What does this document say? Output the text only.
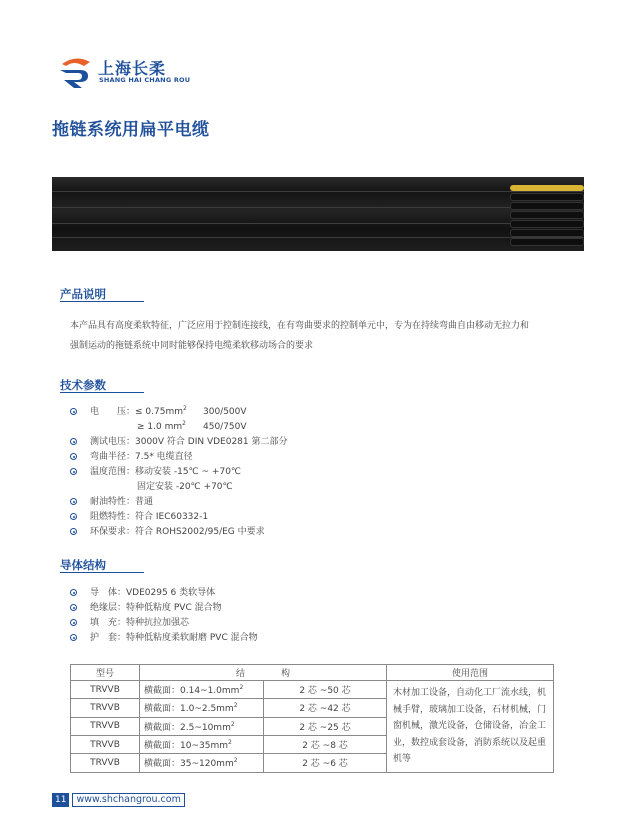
上海长柔
SHANG HAI CHANG ROU
拖链系统用扁平电缆
产品说明
本产品具有高度柔软特征，广泛应用于控制连接线，在有弯曲要求的控制单元中，专为在持续弯曲自由移动无拉力和
强制运动的拖链系统中同时能够保持电缆柔软移动场合的要求
技术参数
电　　压：≤ $0.75mm^2$ 300/500V
≥ 1.0 $mm^2$ 450/750V
测试电压：3000V 符合 DIN VDE0281 第二部分
弯曲半径：7.5* 电缆直径
温度范围：移动安装 -15℃ ~ +70℃
固定安装 -20℃ +70℃
耐油特性：普通
阻燃特性：符合 IEC60332-1
环保要求：符合 ROHS2002/95/EG 中要求
导体结构
导　体：VDE0295 6 类软导体
绝缘层：特种低粘度 PVC 混合物
填　充：特种抗拉加强芯
护　套：特种低粘度柔软耐磨 PVC 混合物
型号	结　　　　构		使用范围
TRVVB	横截面：$0.14\sim 1.0mm^2$	2 芯 ~50 芯	木材加工设备，自动化工厂流水线，机械手臂，玻璃加工设备，石材机械，门窗机械，激光设备，仓储设备，冶金工业，数控成套设备，消防系统以及起重机等
TRVVB	横截面：$1.0\sim 2.5mm^2$	2 芯 ~42 芯	
TRVVB	横截面：$2.5\sim 10mm^2$	2 芯 ~25 芯	
TRVVB	横截面：$10\sim 35mm^2$	2 芯 ~8 芯	
TRVVB	横截面：$35\sim 120mm^2$	2 芯 ~6 芯	
11	www.shchangrou.com
